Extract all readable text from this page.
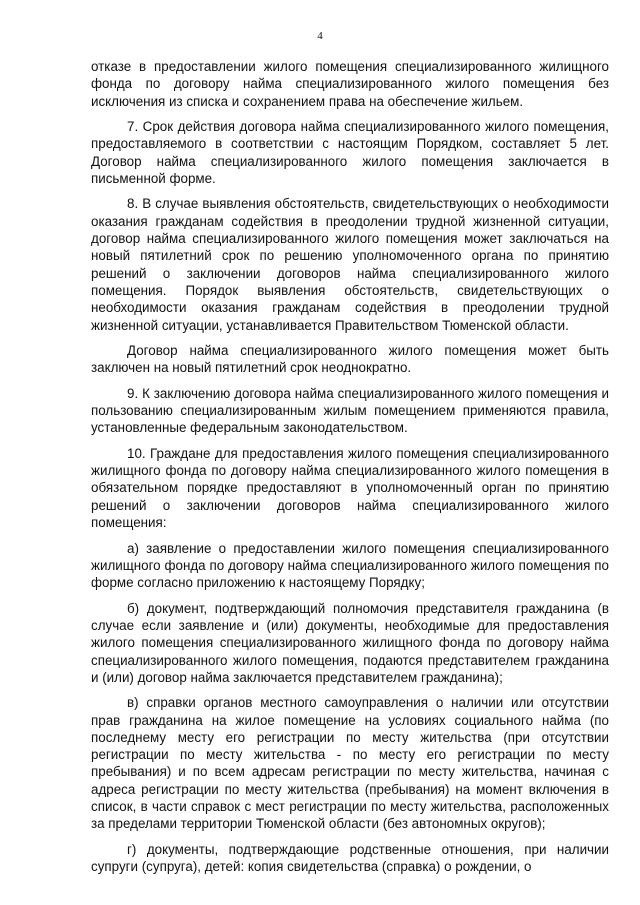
4

отказе в предоставлении жилого помещения специализированного жилищного фонда по договору найма специализированного жилого помещения без исключения из списка и сохранением права на обеспечение жильем.

7. Срок действия договора найма специализированного жилого помещения, предоставляемого в соответствии с настоящим Порядком, составляет 5 лет. Договор найма специализированного жилого помещения заключается в письменной форме.

8. В случае выявления обстоятельств, свидетельствующих о необходимости оказания гражданам содействия в преодолении трудной жизненной ситуации, договор найма специализированного жилого помещения может заключаться на новый пятилетний срок по решению уполномоченного органа по принятию решений о заключении договоров найма специализированного жилого помещения. Порядок выявления обстоятельств, свидетельствующих о необходимости оказания гражданам содействия в преодолении трудной жизненной ситуации, устанавливается Правительством Тюменской области.

Договор найма специализированного жилого помещения может быть заключен на новый пятилетний срок неоднократно.

9. К заключению договора найма специализированного жилого помещения и пользованию специализированным жилым помещением применяются правила, установленные федеральным законодательством.

10. Граждане для предоставления жилого помещения специализированного жилищного фонда по договору найма специализированного жилого помещения в обязательном порядке предоставляют в уполномоченный орган по принятию решений о заключении договоров найма специализированного жилого помещения:

а) заявление о предоставлении жилого помещения специализированного жилищного фонда по договору найма специализированного жилого помещения по форме согласно приложению к настоящему Порядку;

б) документ, подтверждающий полномочия представителя гражданина (в случае если заявление и (или) документы, необходимые для предоставления жилого помещения специализированного жилищного фонда по договору найма специализированного жилого помещения, подаются представителем гражданина и (или) договор найма заключается представителем гражданина);

в) справки органов местного самоуправления о наличии или отсутствии прав гражданина на жилое помещение на условиях социального найма (по последнему месту его регистрации по месту жительства (при отсутствии регистрации по месту жительства - по месту его регистрации по месту пребывания) и по всем адресам регистрации по месту жительства, начиная с адреса регистрации по месту жительства (пребывания) на момент включения в список, в части справок с мест регистрации по месту жительства, расположенных за пределами территории Тюменской области (без автономных округов);

г) документы, подтверждающие родственные отношения, при наличии супруги (супруга), детей: копия свидетельства (справка) о рождении, о
